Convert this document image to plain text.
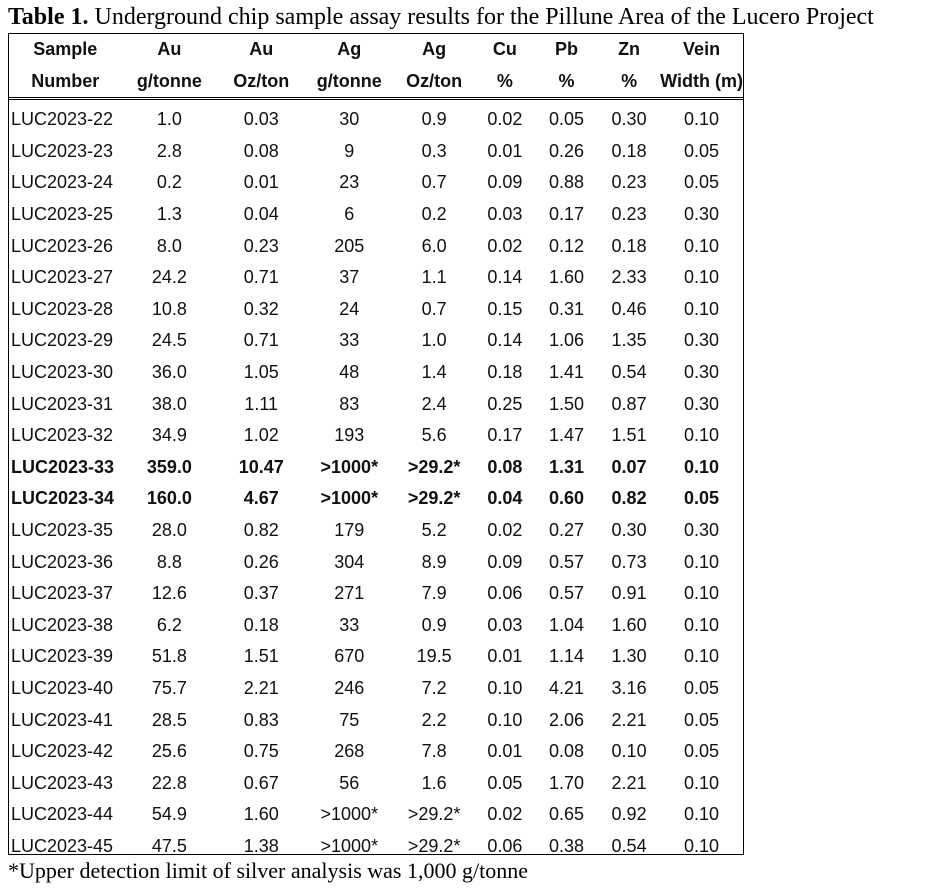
Table 1. Underground chip sample assay results for the Pillune Area of the Lucero Project
Sample	Au	Au	Ag	Ag	Cu	Pb	Zn	Vein
Number	g/tonne	Oz/ton	g/tonne	Oz/ton	%	%	%	Width (m)
LUC2023-22	1.0	0.03	30	0.9	0.02	0.05	0.30	0.10
LUC2023-23	2.8	0.08	9	0.3	0.01	0.26	0.18	0.05
LUC2023-24	0.2	0.01	23	0.7	0.09	0.88	0.23	0.05
LUC2023-25	1.3	0.04	6	0.2	0.03	0.17	0.23	0.30
LUC2023-26	8.0	0.23	205	6.0	0.02	0.12	0.18	0.10
LUC2023-27	24.2	0.71	37	1.1	0.14	1.60	2.33	0.10
LUC2023-28	10.8	0.32	24	0.7	0.15	0.31	0.46	0.10
LUC2023-29	24.5	0.71	33	1.0	0.14	1.06	1.35	0.30
LUC2023-30	36.0	1.05	48	1.4	0.18	1.41	0.54	0.30
LUC2023-31	38.0	1.11	83	2.4	0.25	1.50	0.87	0.30
LUC2023-32	34.9	1.02	193	5.6	0.17	1.47	1.51	0.10
LUC2023-33	359.0	10.47	>1000*	>29.2*	0.08	1.31	0.07	0.10
LUC2023-34	160.0	4.67	>1000*	>29.2*	0.04	0.60	0.82	0.05
LUC2023-35	28.0	0.82	179	5.2	0.02	0.27	0.30	0.30
LUC2023-36	8.8	0.26	304	8.9	0.09	0.57	0.73	0.10
LUC2023-37	12.6	0.37	271	7.9	0.06	0.57	0.91	0.10
LUC2023-38	6.2	0.18	33	0.9	0.03	1.04	1.60	0.10
LUC2023-39	51.8	1.51	670	19.5	0.01	1.14	1.30	0.10
LUC2023-40	75.7	2.21	246	7.2	0.10	4.21	3.16	0.05
LUC2023-41	28.5	0.83	75	2.2	0.10	2.06	2.21	0.05
LUC2023-42	25.6	0.75	268	7.8	0.01	0.08	0.10	0.05
LUC2023-43	22.8	0.67	56	1.6	0.05	1.70	2.21	0.10
LUC2023-44	54.9	1.60	>1000*	>29.2*	0.02	0.65	0.92	0.10
LUC2023-45	47.5	1.38	>1000*	>29.2*	0.06	0.38	0.54	0.10
*Upper detection limit of silver analysis was 1,000 g/tonne
